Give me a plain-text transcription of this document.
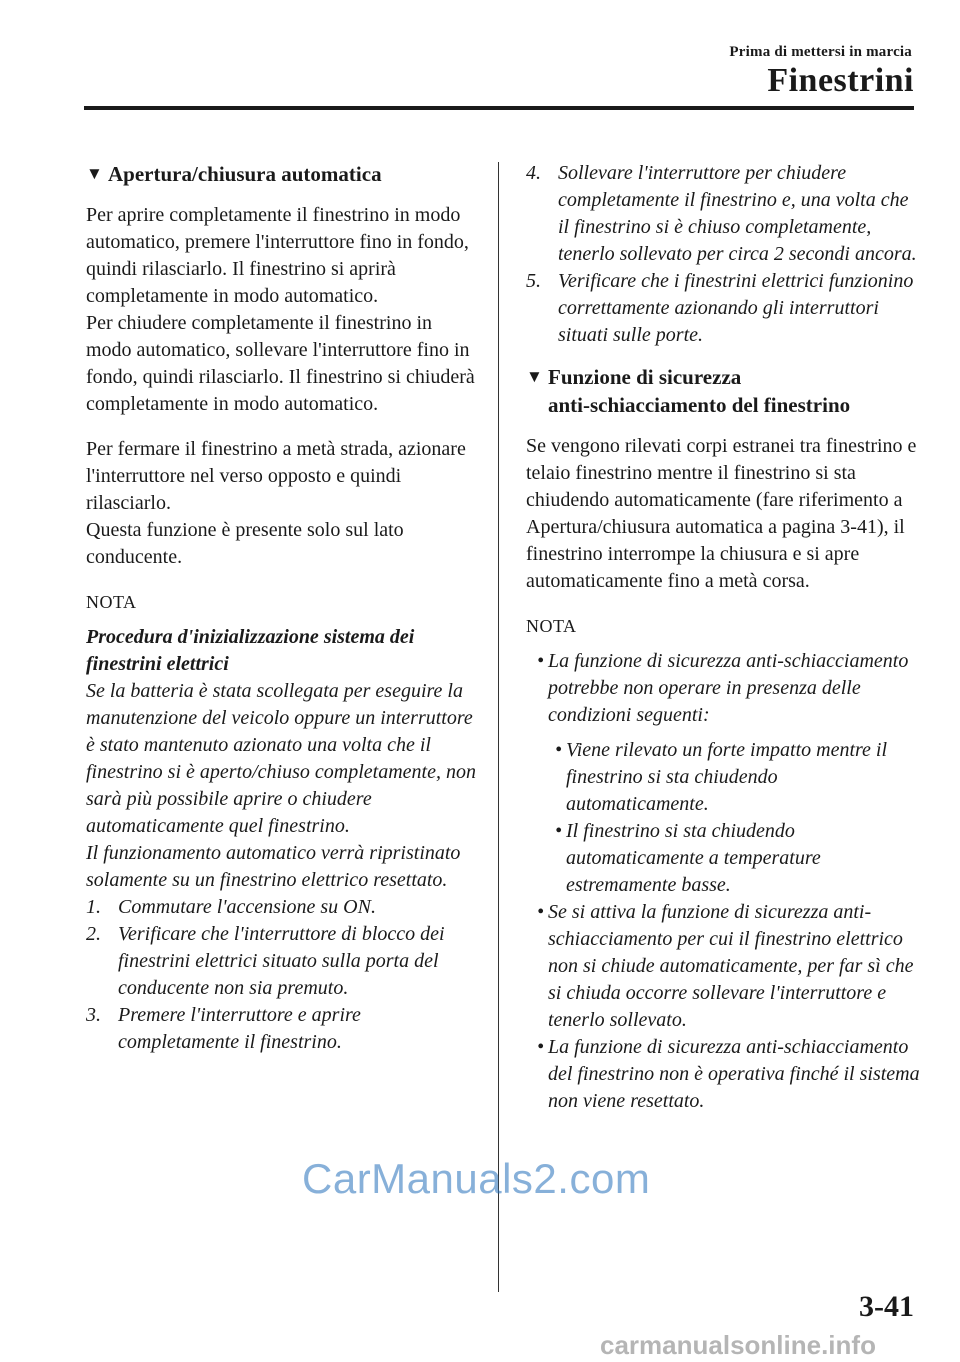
Prima di mettersi in marcia
Finestrini
▼ Apertura/chiusura automatica

Per aprire completamente il finestrino in modo automatico, premere l'interruttore fino in fondo, quindi rilasciarlo. Il finestrino si aprirà completamente in modo automatico.

Per chiudere completamente il finestrino in modo automatico, sollevare l'interruttore fino in fondo, quindi rilasciarlo. Il finestrino si chiuderà completamente in modo automatico.

Per fermare il finestrino a metà strada, azionare l'interruttore nel verso opposto e quindi rilasciarlo.

Questa funzione è presente solo sul lato conducente.

NOTA

Procedura d'inizializzazione sistema dei finestrini elettrici

Se la batteria è stata scollegata per eseguire la manutenzione del veicolo oppure un interruttore è stato mantenuto azionato una volta che il finestrino si è aperto/chiuso completamente, non sarà più possibile aprire o chiudere automaticamente quel finestrino.

Il funzionamento automatico verrà ripristinato solamente su un finestrino elettrico resettato.

1. Commutare l'accensione su ON.
2. Verificare che l'interruttore di blocco dei finestrini elettrici situato sulla porta del conducente non sia premuto.
3. Premere l'interruttore e aprire completamente il finestrino.
4. Sollevare l'interruttore per chiudere completamente il finestrino e, una volta che il finestrino si è chiuso completamente, tenerlo sollevato per circa 2 secondi ancora.
5. Verificare che i finestrini elettrici funzionino correttamente azionando gli interruttori situati sulle porte.
▼ Funzione di sicurezza
anti-schiacciamento del finestrino

Se vengono rilevati corpi estranei tra finestrino e telaio finestrino mentre il finestrino si sta chiudendo automaticamente (fare riferimento a Apertura/chiusura automatica a pagina 3-41), il finestrino interrompe la chiusura e si apre automaticamente fino a metà corsa.

NOTA

• La funzione di sicurezza anti-schiacciamento potrebbe non operare in presenza delle condizioni seguenti:
• Viene rilevato un forte impatto mentre il finestrino si sta chiudendo automaticamente.
• Il finestrino si sta chiudendo automaticamente a temperature estremamente basse.
• Se si attiva la funzione di sicurezza anti-schiacciamento per cui il finestrino elettrico non si chiude automaticamente, per far sì che si chiuda occorre sollevare l'interruttore e tenerlo sollevato.
• La funzione di sicurezza anti-schiacciamento del finestrino non è operativa finché il sistema non viene resettato.
3-41
CarManuals2.com
carmanualsonline.info
